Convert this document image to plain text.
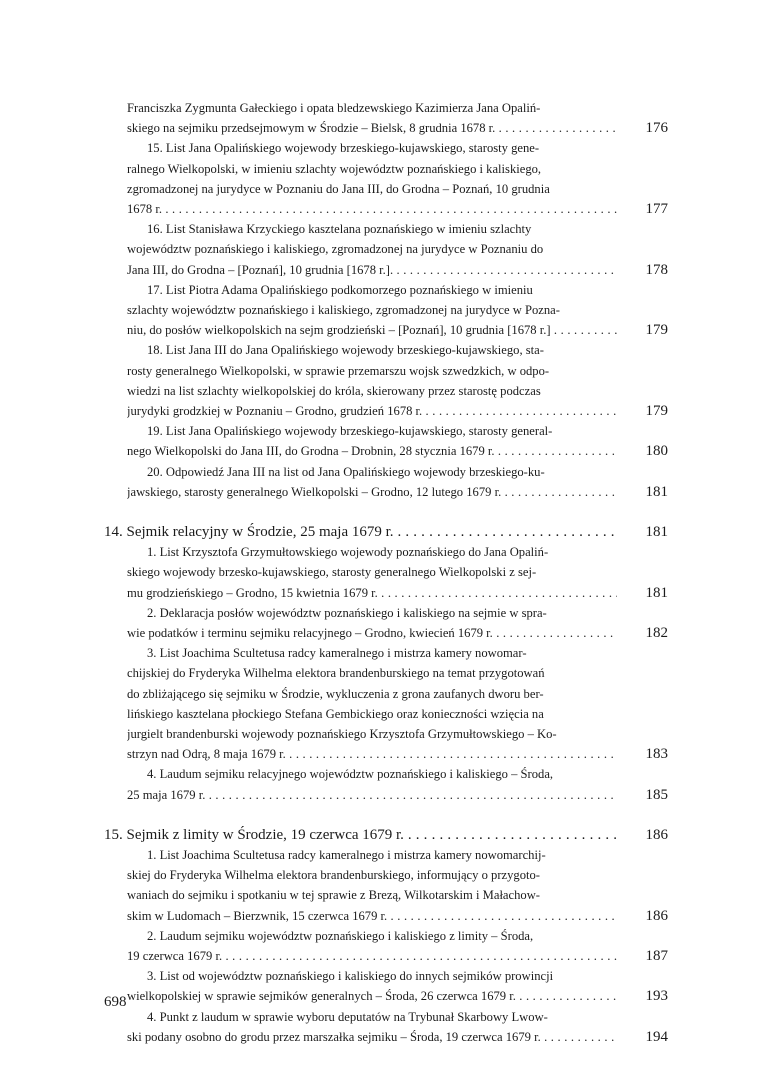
Franciszka Zygmunta Gałeckiego i opata bledzewskiego Kazimierza Jana Opaliń-
skiego na sejmiku przedsejmowym w Środzie – Bielsk, 8 grudnia 1678 r. . . .	176
15. List Jana Opalińskiego wojewody brzeskiego-kujawskiego, starosty gene-
ralnego Wielkopolski, w imieniu szlachty województw poznańskiego i kaliskiego,
zgromadzonej na jurydyce w Poznaniu do Jana III, do Grodna – Poznań, 10 grudnia
1678 r. . . .	177
16. List Stanisława Krzyckiego kasztelana poznańskiego w imieniu szlachty
województw poznańskiego i kaliskiego, zgromadzonej na jurydyce w Poznaniu do
Jana III, do Grodna – [Poznań], 10 grudnia [1678 r.]. . . .	178
17. List Piotra Adama Opalińskiego podkomorzego poznańskiego w imieniu
szlachty województw poznańskiego i kaliskiego, zgromadzonej na jurydyce w Pozna-
niu, do posłów wielkopolskich na sejm grodzieński – [Poznań], 10 grudnia [1678 r.] . . .	179
18. List Jana III do Jana Opalińskiego wojewody brzeskiego-kujawskiego, sta-
rosty generalnego Wielkopolski, w sprawie przemarszu wojsk szwedzkich, w odpo-
wiedzi na list szlachty wielkopolskiej do króla, skierowany przez starostę podczas
jurydyki grodzkiej w Poznaniu – Grodno, grudzień 1678 r. . . .	179
19. List Jana Opalińskiego wojewody brzeskiego-kujawskiego, starosty general-
nego Wielkopolski do Jana III, do Grodna – Drobnin, 28 stycznia 1679 r. . . .	180
20. Odpowiedź Jana III na list od Jana Opalińskiego wojewody brzeskiego-ku-
jawskiego, starosty generalnego Wielkopolski – Grodno, 12 lutego 1679 r. . . .	181
14. Sejmik relacyjny w Środzie, 25 maja 1679 r. . . .	181
1. List Krzysztofa Grzymułtowskiego wojewody poznańskiego do Jana Opaliń-
skiego wojewody brzesko-kujawskiego, starosty generalnego Wielkopolski z sej-
mu grodzieńskiego – Grodno, 15 kwietnia 1679 r. . . .	181
2. Deklaracja posłów województw poznańskiego i kaliskiego na sejmie w spra-
wie podatków i terminu sejmiku relacyjnego – Grodno, kwiecień 1679 r. . . .	182
3. List Joachima Scultetusa radcy kameralnego i mistrza kamery nowomar-
chijskiej do Fryderyka Wilhelma elektora brandenburskiego na temat przygotowań
do zbliżającego się sejmiku w Środzie, wykluczenia z grona zaufanych dworu ber-
lińskiego kasztelana płockiego Stefana Gembickiego oraz konieczności wzięcia na
jurgielt brandenburski wojewody poznańskiego Krzysztofa Grzymułtowskiego – Ko-
strzyn nad Odrą, 8 maja 1679 r. . . .	183
4. Laudum sejmiku relacyjnego województw poznańskiego i kaliskiego – Środa,
25 maja 1679 r. . . .	185
15. Sejmik z limity w Środzie, 19 czerwca 1679 r. . . .	186
1. List Joachima Scultetusa radcy kameralnego i mistrza kamery nowomarchij-
skiej do Fryderyka Wilhelma elektora brandenburskiego, informujący o przygoto-
waniach do sejmiku i spotkaniu w tej sprawie z Brezą, Wilkotarskim i Małachow-
skim w Ludomach – Bierzwnik, 15 czerwca 1679 r. . . .	186
2. Laudum sejmiku województw poznańskiego i kaliskiego z limity – Środa,
19 czerwca 1679 r. . . .	187
3. List od województw poznańskiego i kaliskiego do innych sejmików prowincji
wielkopolskiej w sprawie sejmików generalnych – Środa, 26 czerwca 1679 r. . . .	193
4. Punkt z laudum w sprawie wyboru deputatów na Trybunał Skarbowy Lwow-
ski podany osobno do grodu przez marszałka sejmiku – Środa, 19 czerwca 1679 r. . . .	194
698
